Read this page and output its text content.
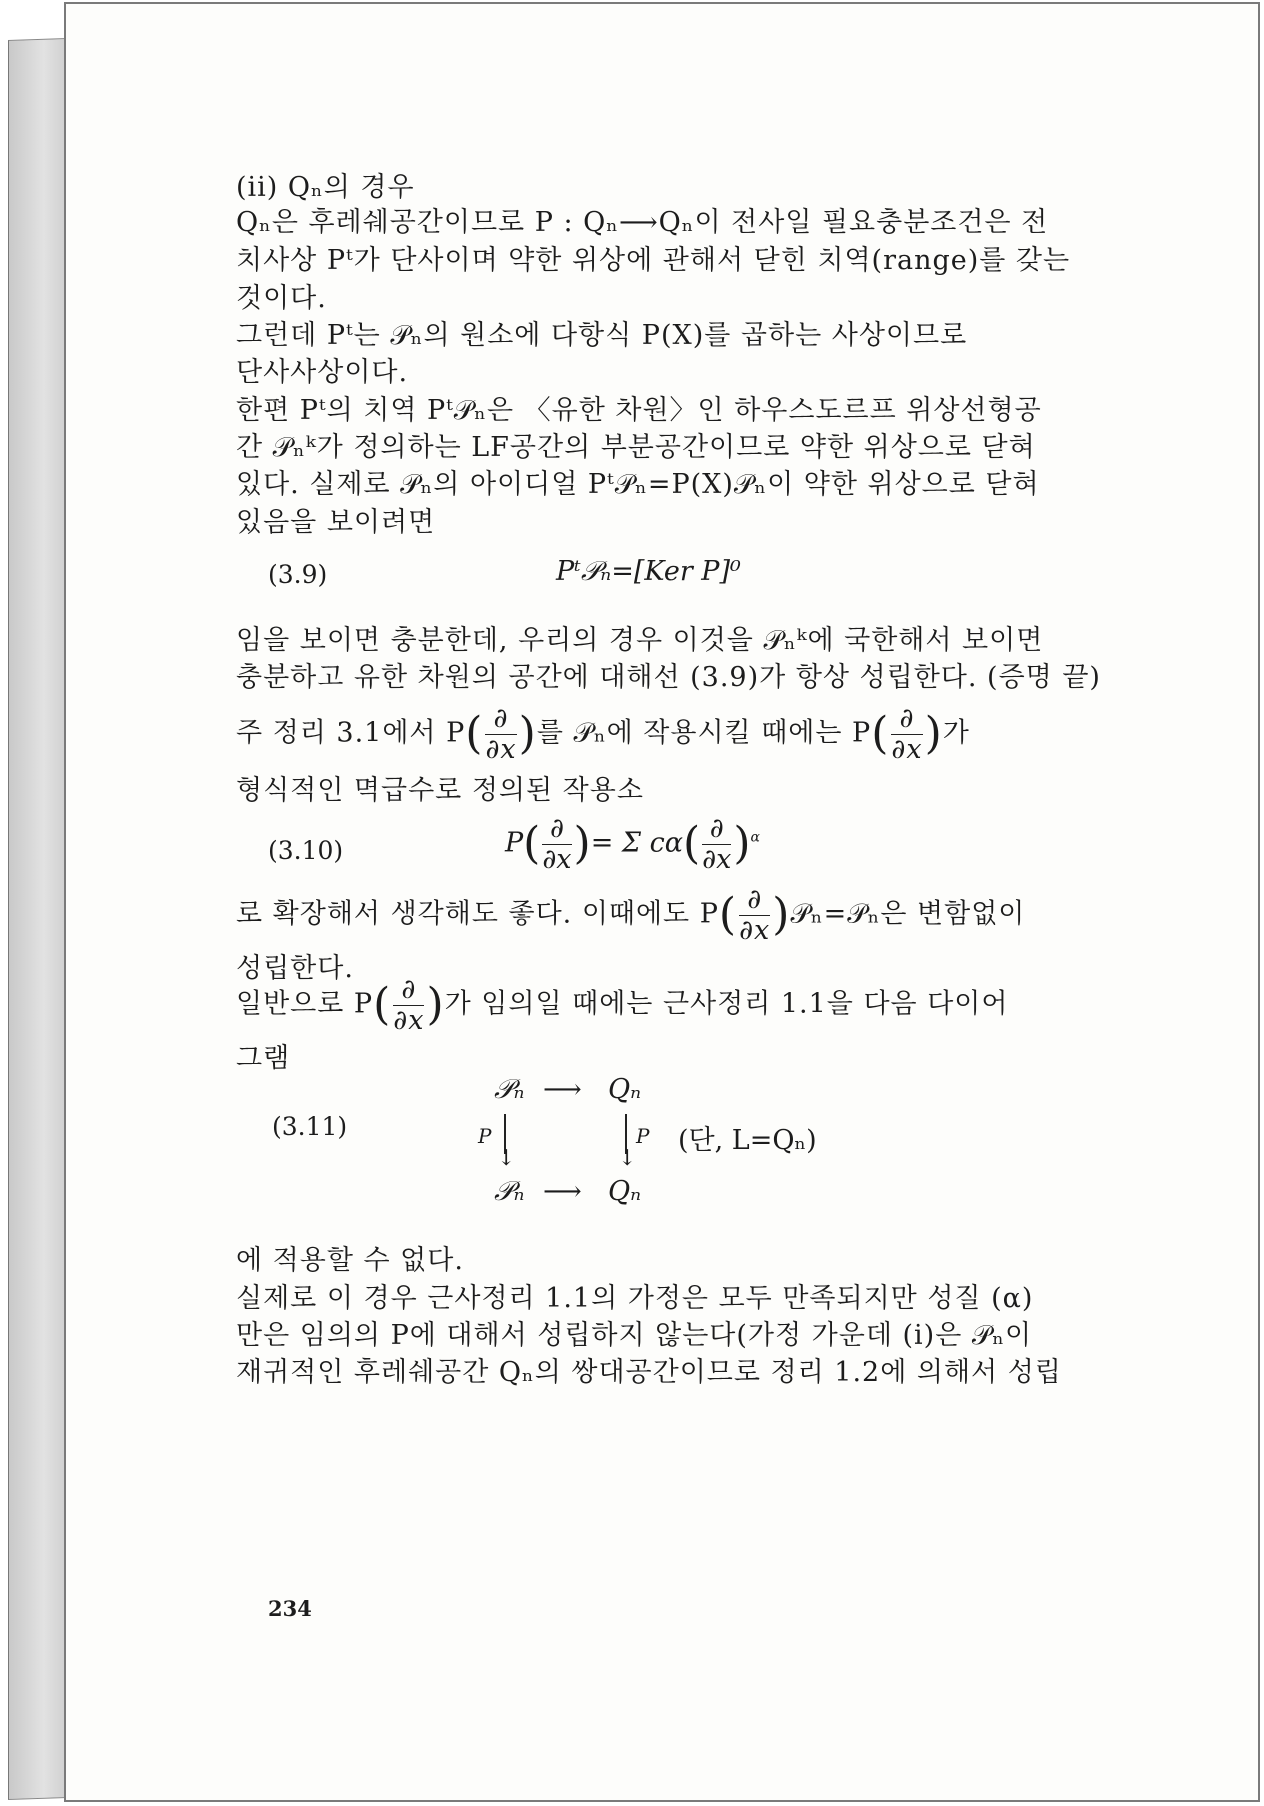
(ii) Qₙ의 경우
Qₙ은 후레쉐공간이므로 P : Qₙ⟶Qₙ이 전사일 필요충분조건은 전
치사상 Pᵗ가 단사이며 약한 위상에 관해서 닫힌 치역(range)를 갖는
것이다.
그런데 Pᵗ는 𝒫ₙ의 원소에 다항식 P(X)를 곱하는 사상이므로
단사사상이다.
한편 Pᵗ의 치역 Pᵗ𝒫ₙ은 〈유한 차원〉인 하우스도르프 위상선형공
간 𝒫ₙᵏ가 정의하는 LF공간의 부분공간이므로 약한 위상으로 닫혀
있다. 실제로 𝒫ₙ의 아이디얼 Pᵗ𝒫ₙ=P(X)𝒫ₙ이 약한 위상으로 닫혀
있음을 보이려면
(3.9)	Pᵗ𝒫ₙ=[Ker P]⁰
임을 보이면 충분한데, 우리의 경우 이것을 𝒫ₙᵏ에 국한해서 보이면
충분하고 유한 차원의 공간에 대해선 (3.9)가 항상 성립한다. (증명 끝)
주 정리 3.1에서 $P( \frac{\partial}{\partial x}$ )를 𝒫ₙ에 작용시킬 때에는 $P( \frac{\partial}{\partial x}$ )가
형식적인 멱급수로 정의된 작용소
(3.10)	$P( \frac{\partial}{\partial x}$ )= Σ $c\alpha( \frac{\partial}{\partial x} )^\alpha$
로 확장해서 생각해도 좋다. 이때에도 $P( \frac{\partial}{\partial x}$ )𝒫ₙ=𝒫ₙ은 변함없이
성립한다.
일반으로 $P( \frac{\partial}{\partial x}$ )가 임의일 때에는 근사정리 1.1을 다음 다이어
그램
(3.11)
𝒫ₙ ⟶ Qₙ
P
↓	↓
P (단, L=Qₙ)
𝒫ₙ ⟶ Qₙ
에 적용할 수 없다.
실제로 이 경우 근사정리 1.1의 가정은 모두 만족되지만 성질 (α)
만은 임의의 P에 대해서 성립하지 않는다(가정 가운데 (i)은 𝒫ₙ이
재귀적인 후레쉐공간 Qₙ의 쌍대공간이므로 정리 1.2에 의해서 성립
234
